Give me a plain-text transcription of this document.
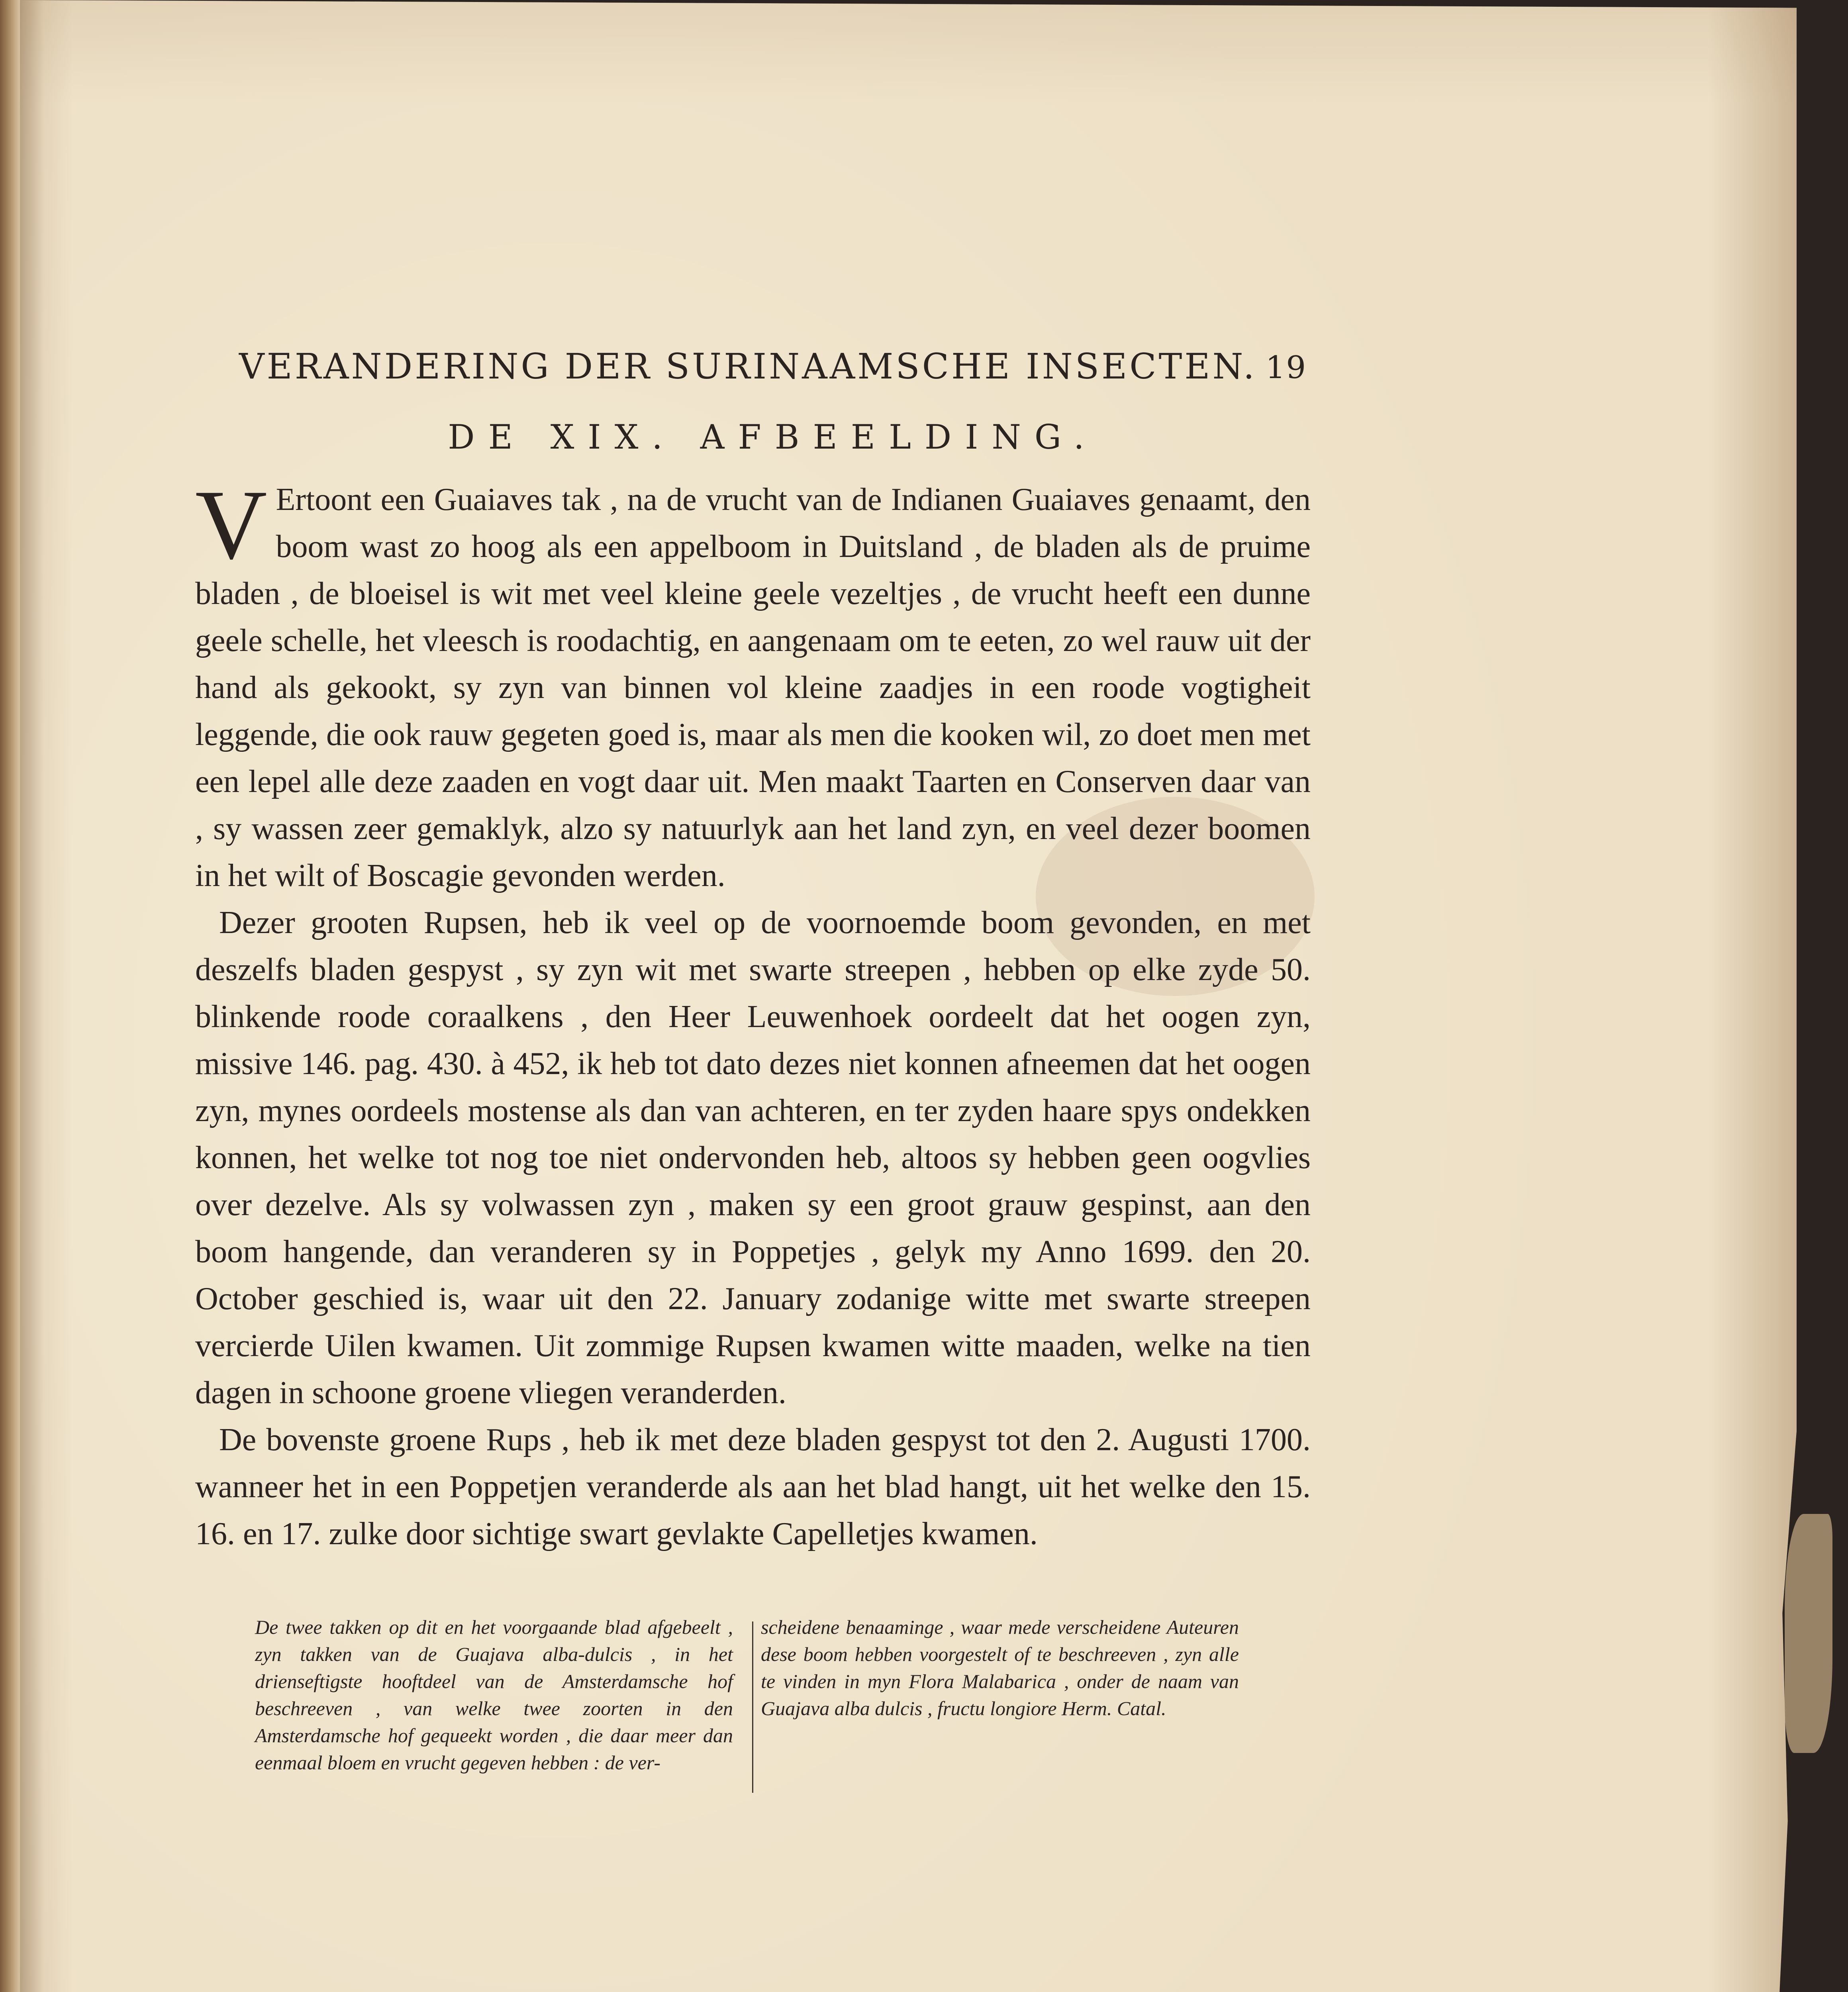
VERANDERING DER SURINAAMSCHE INSECTEN. 19
DE XIX. AFBEELDING.

V Ertoont een Guaiaves tak , na de vrucht van de Indianen Guaiaves genaamt, den boom wast zo hoog als een appelboom in Duitsland , de bladen als de pruime bladen , de bloeisel is wit met veel kleine geele vezeltjes , de vrucht heeft een dunne geele schelle, het vleesch is roodachtig, en aangenaam om te eeten, zo wel rauw uit der hand als gekookt, sy zyn van binnen vol kleine zaadjes in een roode vogtigheit leggende, die ook rauw gegeten goed is, maar als men die kooken wil, zo doet men met een lepel alle deze zaaden en vogt daar uit. Men maakt Taarten en Conserven daar van , sy wassen zeer gemaklyk, alzo sy natuurlyk aan het land zyn, en veel dezer boomen in het wilt of Boscagie gevonden werden.

Dezer grooten Rupsen, heb ik veel op de voornoemde boom gevonden, en met deszelfs bladen gespyst , sy zyn wit met swarte streepen , hebben op elke zyde 50. blinkende roode coraalkens , den Heer Leuwenhoek oordeelt dat het oogen zyn, missive 146. pag. 430. à 452, ik heb tot dato dezes niet konnen afneemen dat het oogen zyn, mynes oordeels mostense als dan van achteren, en ter zyden haare spys ondekken konnen, het welke tot nog toe niet ondervonden heb, altoos sy hebben geen oogvlies over dezelve. Als sy volwassen zyn , maken sy een groot grauw gespinst, aan den boom hangende, dan veranderen sy in Poppetjes , gelyk my Anno 1699. den 20. October geschied is, waar uit den 22. January zodanige witte met swarte streepen vercierde Uilen kwamen. Uit zommige Rupsen kwamen witte maaden, welke na tien dagen in schoone groene vliegen veranderden.

De bovenste groene Rups , heb ik met deze bladen gespyst tot den 2. Augusti 1700. wanneer het in een Poppetjen veranderde als aan het blad hangt, uit het welke den 15. 16. en 17. zulke door sichtige swart gevlakte Capelletjes kwamen.

De twee takken op dit en het voorgaande blad afgebeelt , zyn takken van de Guajava alba-dulcis , in het drienseftigste hooftdeel van de Amsterdamsche hof beschreeven , van welke twee zoorten in den Amsterdamsche hof gequeekt worden , die daar meer dan eenmaal bloem en vrucht gegeven hebben : de ver-
scheidene benaaminge , waar mede verscheidene Auteuren dese boom hebben voorgestelt of te beschreeven , zyn alle te vinden in myn Flora Malabarica , onder de naam van Guajava alba dulcis , fructu longiore Herm. Catal.
